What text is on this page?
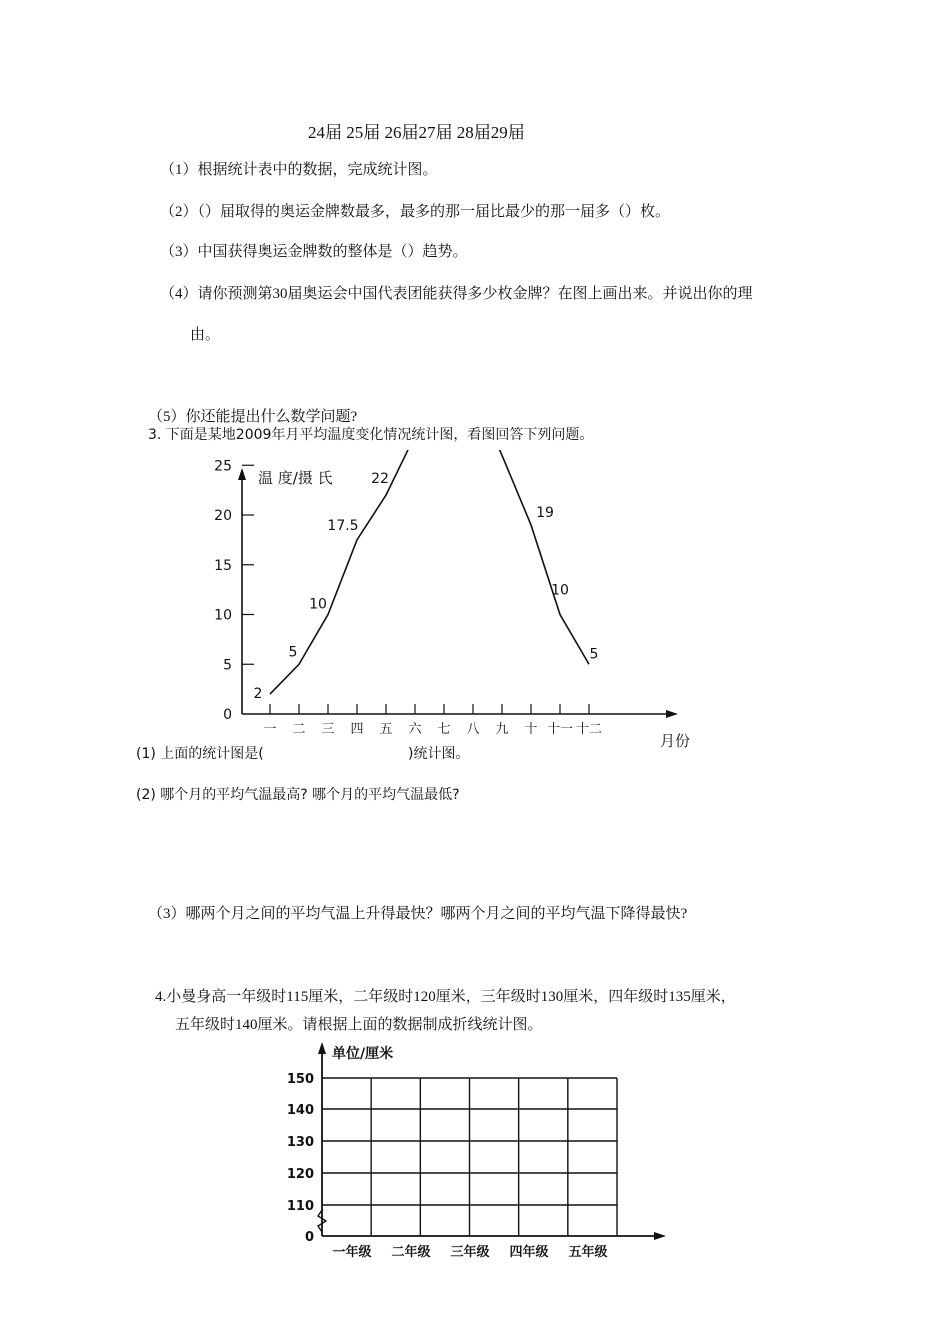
24届 25届 26届27届 28届29届
（1）根据统计表中的数据，完成统计图。
（2）（）届取得的奥运金牌数最多，最多的那一届比最少的那一届多（）枚。
（3）中国获得奥运金牌数的整体是（）趋势。
（4）请你预测第30届奥运会中国代表团能获得多少枚金牌？在图上画出来。并说出你的理
由。
（5）你还能提出什么数学问题?
3. 下面是某地2009年月平均温度变化情况统计图，看图回答下列问题。
0
5
10
15
20
25
一 二 三 四 五 六 七 八 九 十 十一 十二
2
5
10
17.5
22
19
10
5
温 度/摄 氏
月份
(1) 上面的统计图是(	)统计图。
(2) 哪个月的平均气温最高? 哪个月的平均气温最低?
（3）哪两个月之间的平均气温上升得最快？哪两个月之间的平均气温下降得最快?
4.小曼身高一年级时115厘米，二年级时120厘米，三年级时130厘米，四年级时135厘米，
五年级时140厘米。请根据上面的数据制成折线统计图。
0
110
120
130
140
150
一年级 二年级 三年级 四年级 五年级
单位/厘米
